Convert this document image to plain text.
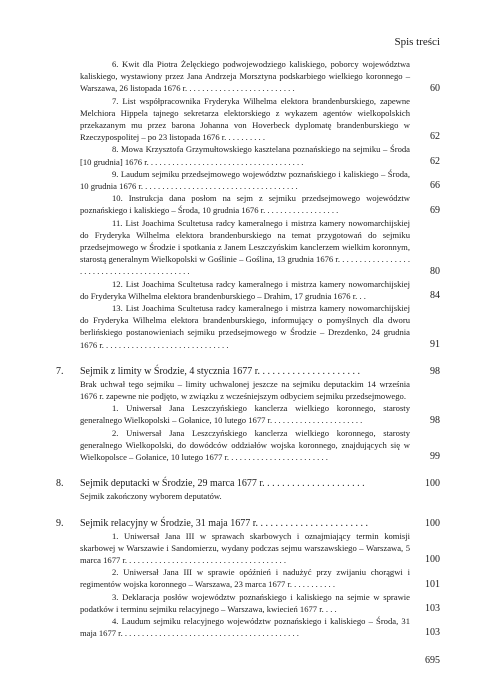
Spis treści
6. Kwit dla Piotra Żelęckiego podwojewodziego kaliskiego, poborcy województwa kaliskiego, wystawiony przez Jana Andrzeja Morsztyna podskarbiego wielkiego koronnego – Warszawa, 26 listopada 1676 r. . . . . . . . . . . . . . . . . . . . . . . . . .	60
7. List współpracownika Fryderyka Wilhelma elektora brandenburskiego, zapewne Melchiora Hippela tajnego sekretarza elektorskiego z wykazem agentów wielkopolskich przekazanym mu przez barona Johanna von Hoverbeck dyplomatę brandenburskiego w Rzeczypospolitej – po 23 listopada 1676 r. . . . . . . . . .	62
8. Mowa Krzysztofa Grzymułtowskiego kasztelana poznańskiego na sejmiku – Środa [10 grudnia] 1676 r. . . . . . . . . . . . . . . . . . . . . . . . . . . . . . . . . . . . .	62
9. Laudum sejmiku przedsejmowego województw poznańskiego i kaliskiego – Środa, 10 grudnia 1676 r. . . . . . . . . . . . . . . . . . . . . . . . . . . . . . . . . . . . .	66
10. Instrukcja dana posłom na sejm z sejmiku przedsejmowego województw poznańskiego i kaliskiego – Środa, 10 grudnia 1676 r. . . . . . . . . . . . . . . . . .	69
11. List Joachima Scultetusa radcy kameralnego i mistrza kamery nowomarchijskiej do Fryderyka Wilhelma elektora brandenburskiego na temat przygotowań do sejmiku przedsejmowego w Środzie i spotkania z Janem Leszczyńskim kanclerzem wielkim koronnym, starostą generalnym Wielkopolski w Goślinie – Goślina, 13 grudnia 1676 r. . . . . . . . . . . . . . . . . . . . . . . . . . . . . . . . . . . . . . . . . . .	80
12. List Joachima Scultetusa radcy kameralnego i mistrza kamery nowomarchijskiej do Fryderyka Wilhelma elektora brandenburskiego – Drahim, 17 grudnia 1676 r. . .	84
13. List Joachima Scultetusa radcy kameralnego i mistrza kamery nowomarchijskiej do Fryderyka Wilhelma elektora brandenburskiego, informujący o pomyślnych dla dworu berlińskiego postanowieniach sejmiku przedsejmowego w Środzie – Drezdenko, 24 grudnia 1676 r. . . . . . . . . . . . . . . . . . . . . . . . . . . . . .	91
7. Sejmik z limity w Środzie, 4 stycznia 1677 r. . . . . . . . . . . . . . . . . . . . .	98
Brak uchwał tego sejmiku – limity uchwalonej jeszcze na sejmiku deputackim 14 września 1676 r. zapewne nie podjęto, w związku z wcześniejszym odbyciem sejmiku przedsejmowego.
1. Uniwersał Jana Leszczyńskiego kanclerza wielkiego koronnego, starosty generalnego Wielkopolski – Gołanice, 10 lutego 1677 r. . . . . . . . . . . . . . . . . . . . . .	98
2. Uniwersał Jana Leszczyńskiego kanclerza wielkiego koronnego, starosty generalnego Wielkopolski, do dowódców oddziałów wojska koronnego, znajdujących się w Wielkopolsce – Gołanice, 10 lutego 1677 r. . . . . . . . . . . . . . . . . . . . . . . .	99
8. Sejmik deputacki w Środzie, 29 marca 1677 r. . . . . . . . . . . . . . . . . . . . .	100
Sejmik zakończony wyborem deputatów.
9. Sejmik relacyjny w Środzie, 31 maja 1677 r. . . . . . . . . . . . . . . . . . . . . . .	100
1. Uniwersał Jana III w sprawach skarbowych i oznajmiający termin komisji skarbowej w Warszawie i Sandomierzu, wydany podczas sejmu warszawskiego – Warszawa, 5 marca 1677 r. . . . . . . . . . . . . . . . . . . . . . . . . . . . . . . . . . . . . .	100
2. Uniwersał Jana III w sprawie opóźnień i nadużyć przy zwijaniu chorągwi i regimentów wojska koronnego – Warszawa, 23 marca 1677 r. . . . . . . . . . .	101
3. Deklaracja posłów województw poznańskiego i kaliskiego na sejmie w sprawie podatków i terminu sejmiku relacyjnego – Warszawa, kwiecień 1677 r. . . .	103
4. Laudum sejmiku relacyjnego województw poznańskiego i kaliskiego – Środa, 31 maja 1677 r. . . . . . . . . . . . . . . . . . . . . . . . . . . . . . . . . . . . . . . . . .	103
695
